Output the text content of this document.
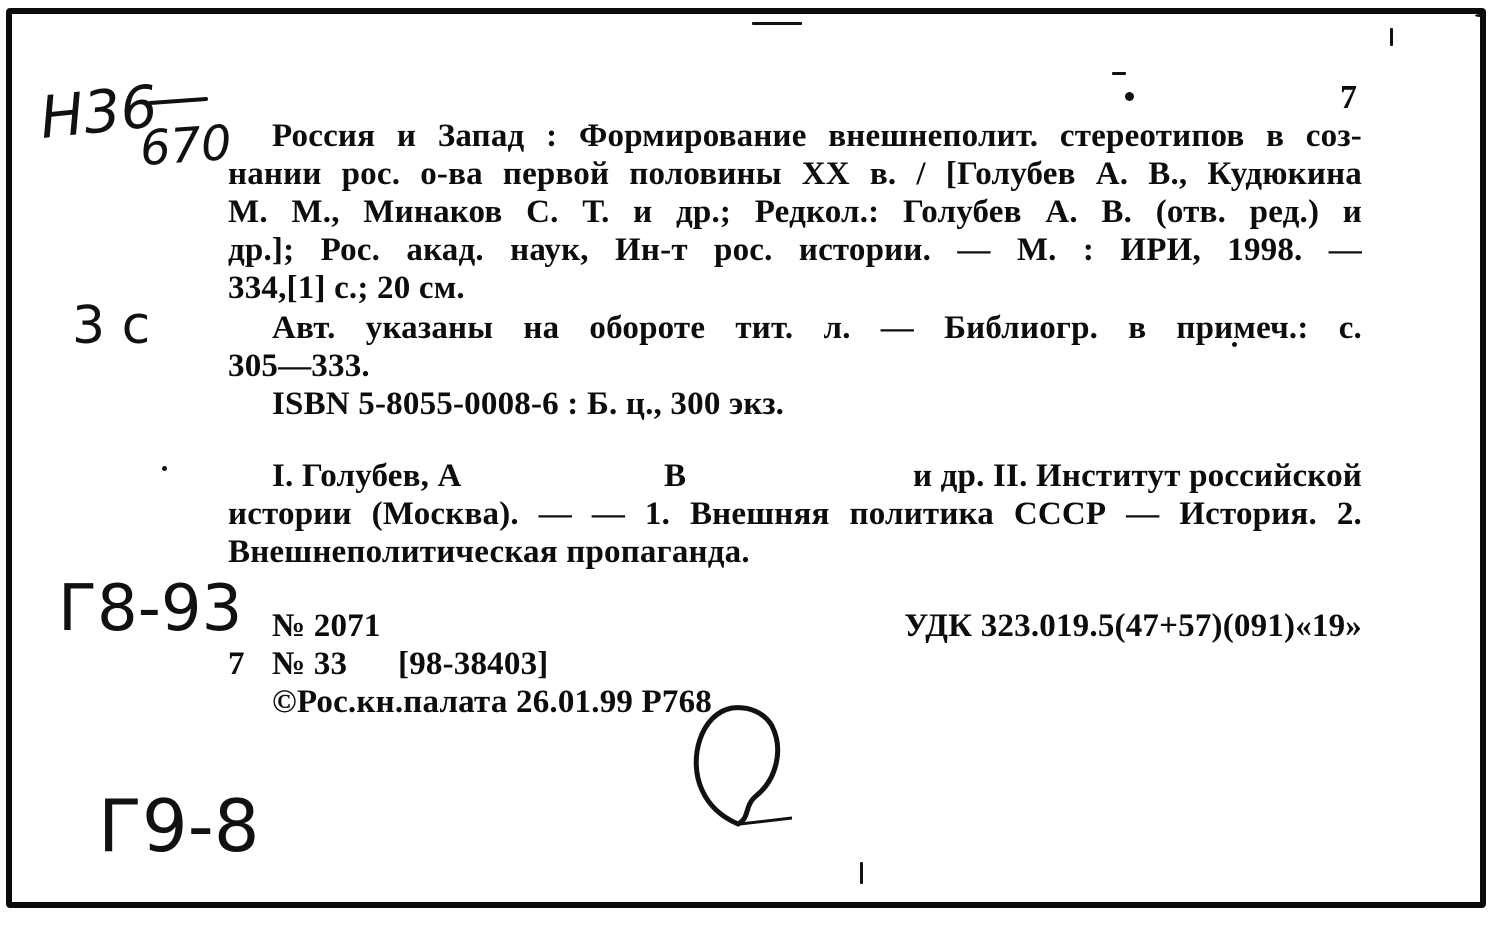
7
Н36
670
3 с
Г8-93
Г9-8
Россия и Запад : Формирование внешнеполит. стереотипов в соз-
нании рос. о-ва первой половины XX в. / [Голубев А. В., Кудюкина
М. М., Минаков С. Т. и др.; Редкол.: Голубев А. В. (отв. ред.) и
др.]; Рос. акад. наук, Ин-т рос. истории. — М. : ИРИ, 1998. —
334,[1] с.; 20 см.
Авт. указаны на обороте тит. л. — Библиогр. в примеч.: с.
305—333.
ISBN 5-8055-0008-6 : Б. ц., 300 экз.
I. Голубев, А	В	и др. II. Институт российской
истории (Москва). — — 1. Внешняя политика СССР — История. 2.
Внешнеполитическая пропаганда.
№ 2071	УДК 323.019.5(47+57)(091)«19»
7 № 33 [98-38403]
©Рос.кн.палата 26.01.99 Р768
